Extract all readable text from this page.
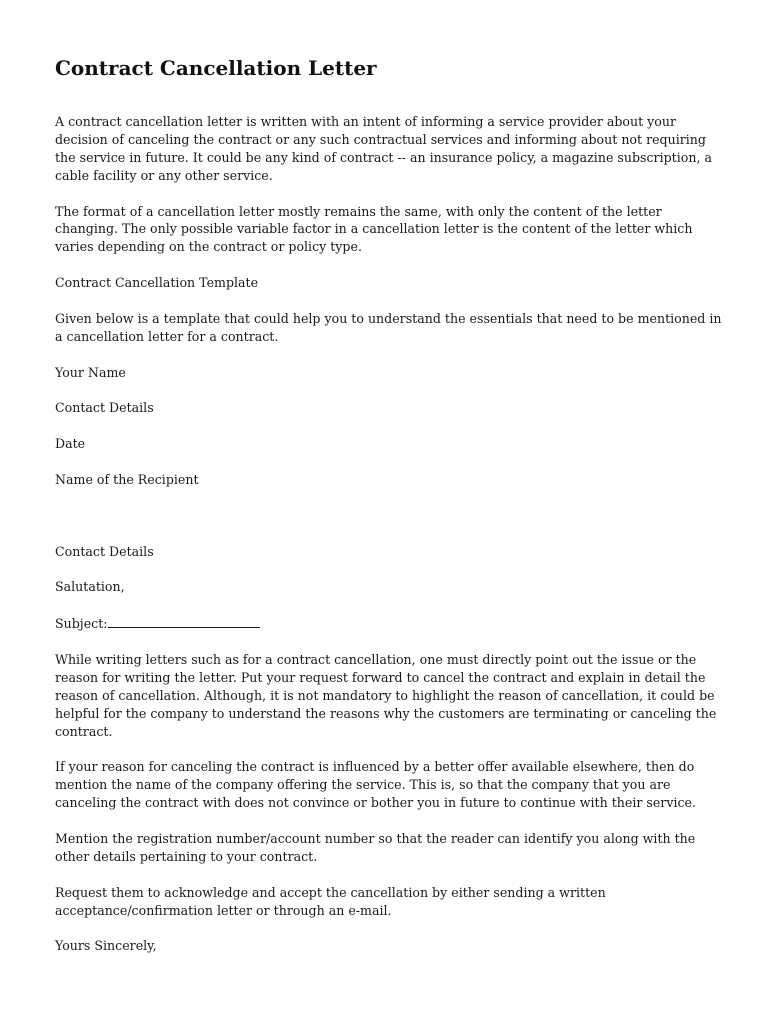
Contract Cancellation Letter

A contract cancellation letter is written with an intent of informing a service provider about your decision of canceling the contract or any such contractual services and informing about not requiring the service in future. It could be any kind of contract -- an insurance policy, a magazine subscription, a cable facility or any other service.

The format of a cancellation letter mostly remains the same, with only the content of the letter changing. The only possible variable factor in a cancellation letter is the content of the letter which varies depending on the contract or policy type.

Contract Cancellation Template

Given below is a template that could help you to understand the essentials that need to be mentioned in a cancellation letter for a contract.

Your Name

Contact Details

Date

Name of the Recipient

Contact Details

Salutation,

Subject:

While writing letters such as for a contract cancellation, one must directly point out the issue or the reason for writing the letter. Put your request forward to cancel the contract and explain in detail the reason of cancellation. Although, it is not mandatory to highlight the reason of cancellation, it could be helpful for the company to understand the reasons why the customers are terminating or canceling the contract.

If your reason for canceling the contract is influenced by a better offer available elsewhere, then do mention the name of the company offering the service. This is, so that the company that you are canceling the contract with does not convince or bother you in future to continue with their service.

Mention the registration number/account number so that the reader can identify you along with the other details pertaining to your contract.

Request them to acknowledge and accept the cancellation by either sending a written acceptance/confirmation letter or through an e-mail.

Yours Sincerely,
